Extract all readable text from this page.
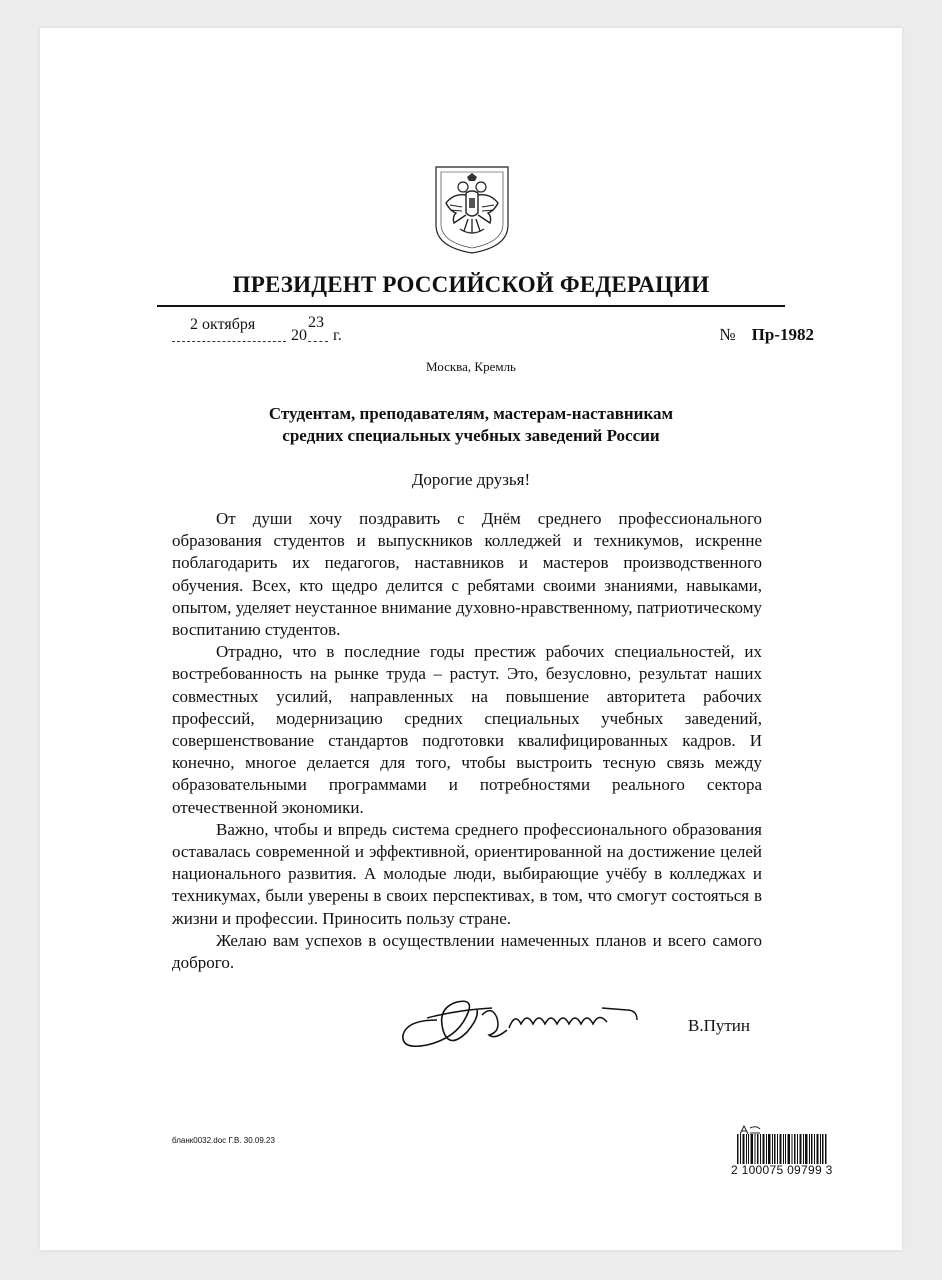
ПРЕЗИДЕНТ РОССИЙСКОЙ ФЕДЕРАЦИИ
2 октября
20
23
г.	№ Пр-1982
Москва, Кремль
Студентам, преподавателям, мастерам-наставникам
средних специальных учебных заведений России
Дорогие друзья!

От души хочу поздравить с Днём среднего профессионального образования студентов и выпускников колледжей и техникумов, искренне поблагодарить их педагогов, наставников и мастеров производственного обучения. Всех, кто щедро делится с ребятами своими знаниями, навыками, опытом, уделяет неустанное внимание духовно-нравственному, патриотическому воспитанию студентов.

Отрадно, что в последние годы престиж рабочих специальностей, их востребованность на рынке труда – растут. Это, безусловно, результат наших совместных усилий, направленных на повышение авторитета рабочих профессий, модернизацию средних специальных учебных заведений, совершенствование стандартов подготовки квалифицированных кадров. И конечно, многое делается для того, чтобы выстроить тесную связь между образовательными программами и потребностями реального сектора отечественной экономики.

Важно, чтобы и впредь система среднего профессионального образования оставалась современной и эффективной, ориентированной на достижение целей национального развития. А молодые люди, выбирающие учёбу в колледжах и техникумах, были уверены в своих перспективах, в том, что смогут состояться в жизни и профессии. Приносить пользу стране.

Желаю вам успехов в осуществлении намеченных планов и всего самого доброго.

В.Путин
бланк0032.doc Г.В. 30.09.23
2 100075 09799 3
